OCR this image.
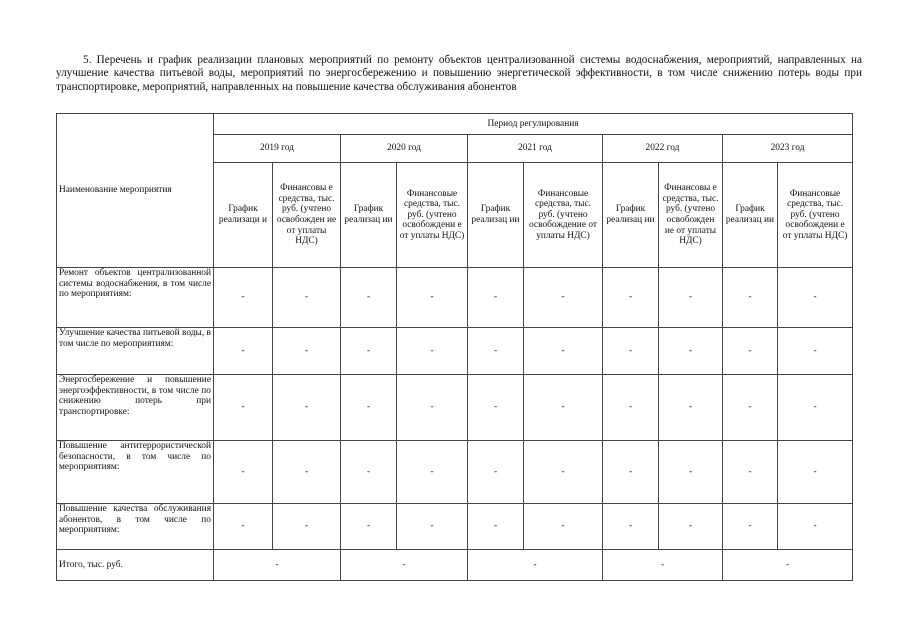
5. Перечень и график реализации плановых мероприятий по ремонту объектов централизованной системы водоснабжения, мероприятий, направленных на улучшение качества питьевой воды, мероприятий по энергосбережению и повышению энергетической эффективности, в том числе снижению потерь воды при транспортировке, мероприятий, направленных на повышение качества обслуживания абонентов
Наименование мероприятия	Период регулирования									
	2019 год		2020 год		2021 год		2022 год		2023 год	
	График реализаци и	Финансовы е средства, тыс. руб. (учтено освобожден ие от уплаты НДС)	График реализац ии	Финансовые средства, тыс. руб. (учтено освобождени е от уплаты НДС)	График реализац ии	Финансовые средства, тыс. руб. (учтено освобождение от уплаты НДС)	График реализац ии	Финансовы е средства, тыс. руб. (учтено освобожден ие от уплаты НДС)	График реализац ии	Финансовые средства, тыс. руб. (учтено освобождени е от уплаты НДС)
Ремонт объектов централизованной системы водоснабжения, в том числе по мероприятиям:	-	-	-	-	-	-	-	-	-	-
Улучшение качества питьевой воды, в том числе по мероприятиям:	-	-	-	-	-	-	-	-	-	-
Энергосбережение и повышение энергоэффективности, в том числе по снижению потерь при транспортировке:	-	-	-	-	-	-	-	-	-	-
Повышение антитеррористической безопасности, в том числе по мероприятиям:	-	-	-	-	-	-	-	-	-	-
Повышение качества обслуживания абонентов, в том числе по мероприятиям:	-	-	-	-	-	-	-	-	-	-
Итого, тыс. руб.	-		-		-		-		-	
